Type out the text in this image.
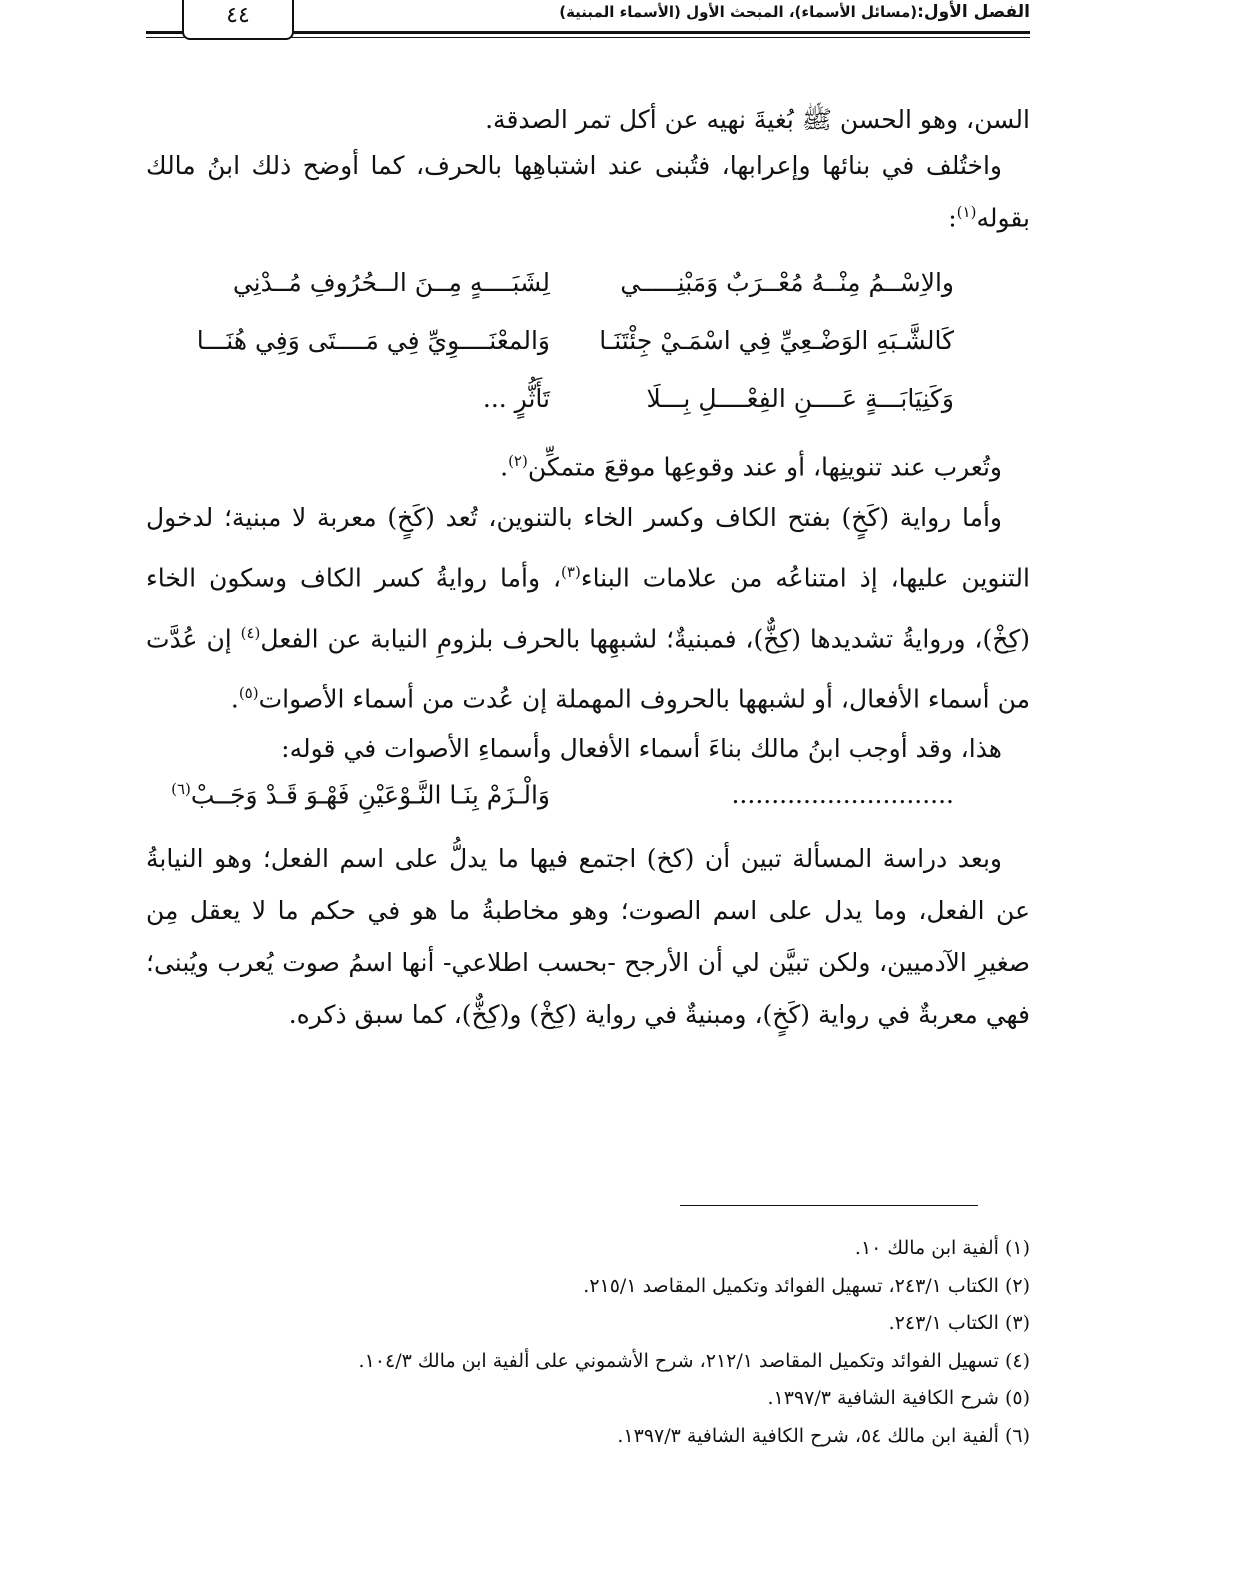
٤٤	الفصل الأول:(مسائل الأسماء)، المبحث الأول (الأسماء المبنية)

السن، وهو الحسن ﷺ بُغيةَ نهيه عن أكل تمر الصدقة.

واختُلف في بنائها وإعرابها، فتُبنى عند اشتباهِها بالحرف، كما أوضح ذلك ابنُ مالك بقوله$^{(١)}$:

والاِسْــمُ مِنْــهُ مُعْــرَبٌ وَمَبْنِـــــي
لِشَبَــــهٍ مِــنَ الــحُرُوفِ مُــدْنِي
كَالشَّـبَهِ الوَضْـعِيِّ فِي اسْمَـيْ جِئْتَنَـا
وَالمعْنَــــوِيِّ فِي مَــــتَى وَفِي هُنَـــا
وَكَنِيَابَـــةٍ عَــــنِ الفِعْــــلِ بِـــلَا
تَأَثُّرٍ ...

وتُعرب عند تنوينِها، أو عند وقوعِها موقعَ متمكِّن$^{(٢)}$.

وأما رواية (كَخٍ) بفتح الكاف وكسر الخاء بالتنوين، تُعد (كَخٍ) معربة لا مبنية؛ لدخول التنوين عليها، إذ امتناعُه من علامات البناء$^{(٣)}$، وأما روايةُ كسر الكاف وسكون الخاء (كِخْ)، وروايةُ تشديدها (كِخٌّ)، فمبنيةٌ؛ لشبهِها بالحرف بلزومِ النيابة عن الفعل$^{(٤)}$ إن عُدَّت من أسماء الأفعال، أو لشبهها بالحروف المهملة إن عُدت من أسماء الأصوات$^{(٥)}$.

هذا، وقد أوجب ابنُ مالك بناءَ أسماء الأفعال وأسماءِ الأصوات في قوله:

............................
وَالْـزَمْ بِنَـا النَّـوْعَيْنِ فَهْـوَ قَـدْ وَجَــبْ$^{(٦)}$

وبعد دراسة المسألة تبين أن (كخ) اجتمع فيها ما يدلُّ على اسم الفعل؛ وهو النيابةُ عن الفعل، وما يدل على اسم الصوت؛ وهو مخاطبةُ ما هو في حكم ما لا يعقل مِن صغيرِ الآدميين، ولكن تبيَّن لي أن الأرجح -بحسب اطلاعي- أنها اسمُ صوت يُعرب ويُبنى؛ فهي معربةٌ في رواية (كَخٍ)، ومبنيةٌ في رواية (كِخْ) و(كِخٌّ)، كما سبق ذكره.

(١) ألفية ابن مالك ١٠.
(٢) الكتاب ٢٤٣/١، تسهيل الفوائد وتكميل المقاصد ٢١٥/١.
(٣) الكتاب ٢٤٣/١.
(٤) تسهيل الفوائد وتكميل المقاصد ٢١٢/١، شرح الأشموني على ألفية ابن مالك ١٠٤/٣.
(٥) شرح الكافية الشافية ١٣٩٧/٣.
(٦) ألفية ابن مالك ٥٤، شرح الكافية الشافية ١٣٩٧/٣.
